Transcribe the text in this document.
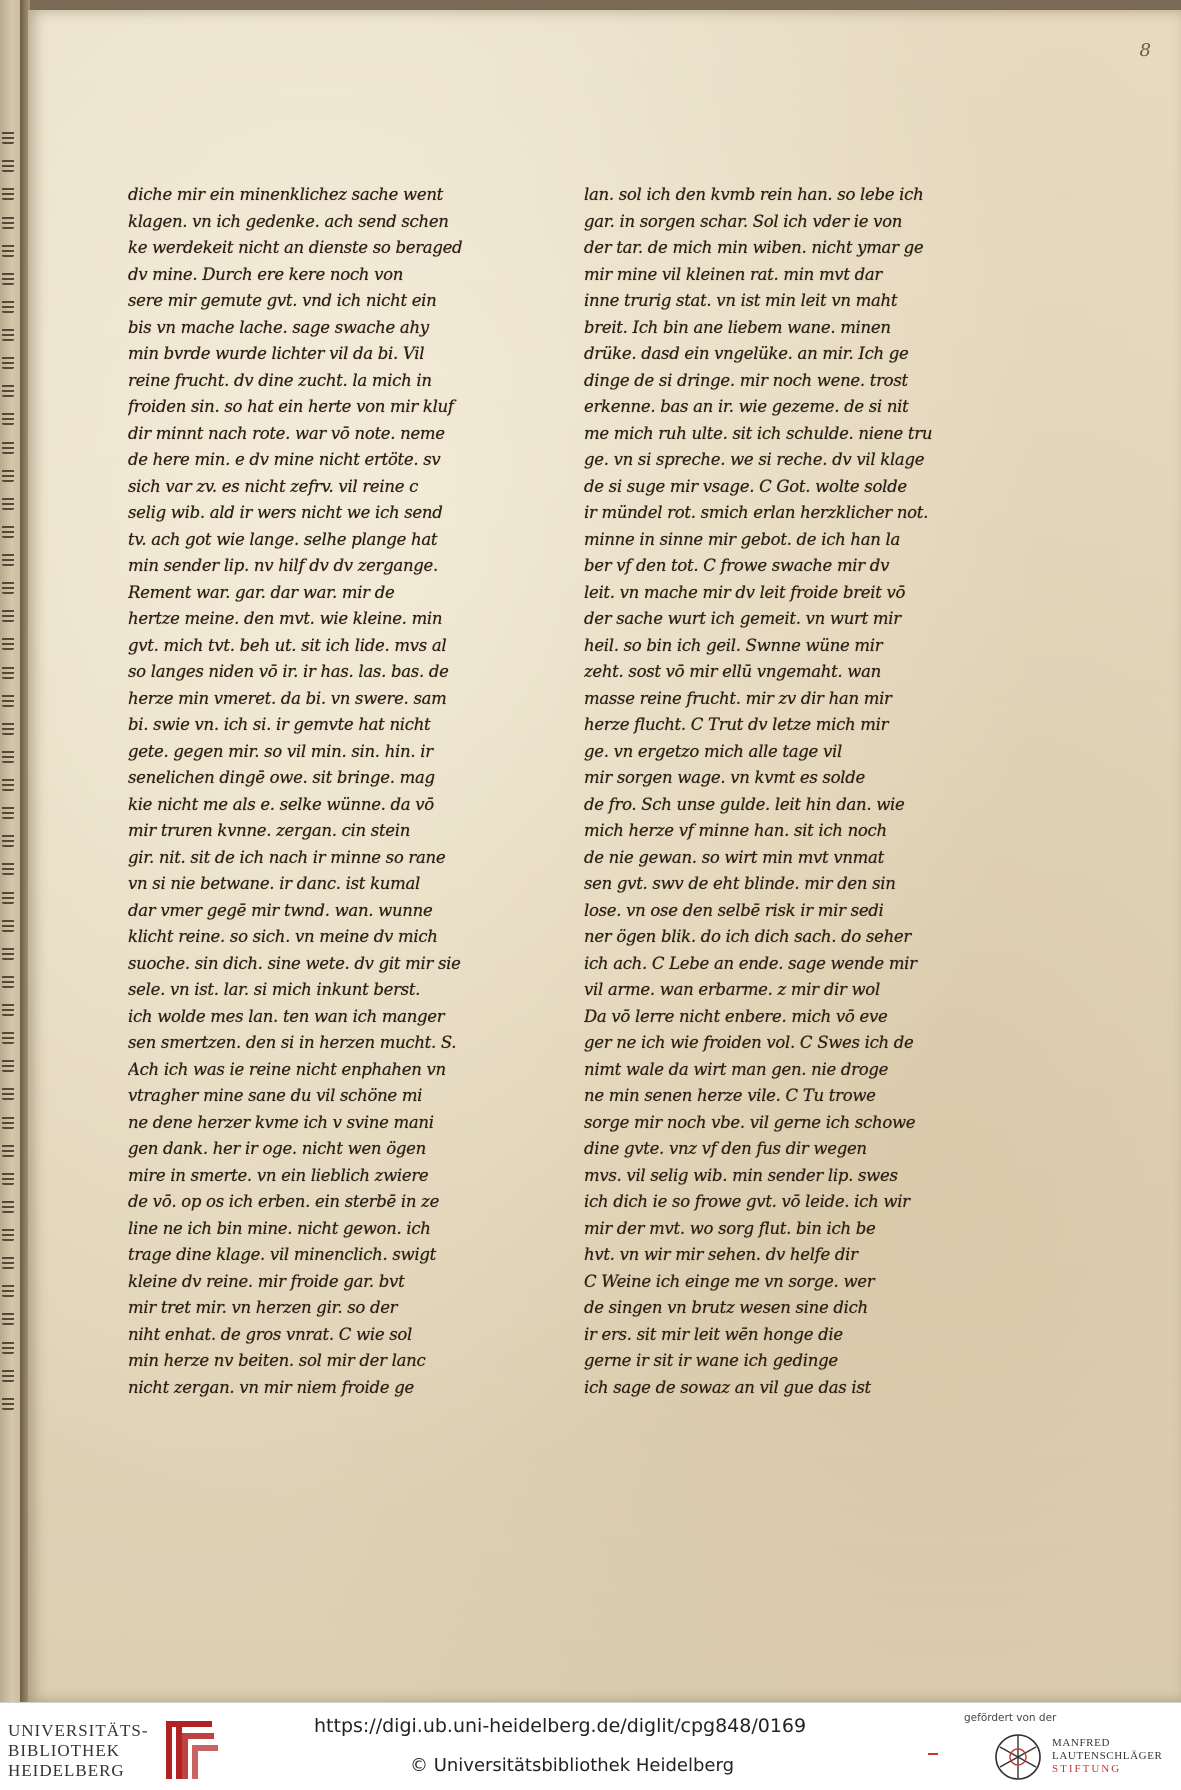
8
diche mir ein minenklichez sache went
klagen. vn ich gedenke. ach send schen
ke werdekeit nicht an dienste so beraged
dv mine. Durch ere kere noch von
sere mir gemute gvt. vnd ich nicht ein
bis vn mache lache. sage swache ahy
min bvrde wurde lichter vil da bi. Vil
reine frucht. dv dine zucht. la mich in
froiden sin. so hat ein herte von mir kluf
dir minnt nach rote. war vō note. neme
de here min. e dv mine nicht ertöte. sv
sich var zv. es nicht zefrv. vil reine c
selig wib. ald ir wers nicht we ich send
tv. ach got wie lange. selhe plange hat
min sender lip. nv hilf dv dv zergange.
Rement war. gar. dar war. mir de
hertze meine. den mvt. wie kleine. min
gvt. mich tvt. beh ut. sit ich lide. mvs al
so langes niden vō ir. ir has. las. bas. de
herze min vmeret. da bi. vn swere. sam
bi. swie vn. ich si. ir gemvte hat nicht
gete. gegen mir. so vil min. sin. hin. ir
senelichen dingē owe. sit bringe. mag
kie nicht me als e. selke wünne. da vō
mir truren kvnne. zergan. cin stein
gir. nit. sit de ich nach ir minne so rane
vn si nie betwane. ir danc. ist kumal
dar vmer gegē mir twnd. wan. wunne
klicht reine. so sich. vn meine dv mich
suoche. sin dich. sine wete. dv git mir sie
sele. vn ist. lar. si mich inkunt berst.
ich wolde mes lan. ten wan ich manger
sen smertzen. den si in herzen mucht. S.
Ach ich was ie reine nicht enphahen vn
vtragher mine sane du vil schöne mi
ne dene herzer kvme ich v svine mani
gen dank. her ir oge. nicht wen ögen
mire in smerte. vn ein lieblich zwiere
de vō. op os ich erben. ein sterbē in ze
line ne ich bin mine. nicht gewon. ich
trage dine klage. vil minenclich. swigt
kleine dv reine. mir froide gar. bvt
mir tret mir. vn herzen gir. so der
niht enhat. de gros vnrat. C wie sol
min herze nv beiten. sol mir der lanc
nicht zergan. vn mir niem froide ge
lan. sol ich den kvmb rein han. so lebe ich
gar. in sorgen schar. Sol ich vder ie von
der tar. de mich min wiben. nicht ymar ge
mir mine vil kleinen rat. min mvt dar
inne trurig stat. vn ist min leit vn maht
breit. Ich bin ane liebem wane. minen
drüke. dasd ein vngelüke. an mir. Ich ge
dinge de si dringe. mir noch wene. trost
erkenne. bas an ir. wie gezeme. de si nit
me mich ruh ulte. sit ich schulde. niene tru
ge. vn si spreche. we si reche. dv vil klage
de si suge mir vsage. C Got. wolte solde
ir mündel rot. smich erlan herzklicher not.
minne in sinne mir gebot. de ich han la
ber vf den tot. C frowe swache mir dv
leit. vn mache mir dv leit froide breit vō
der sache wurt ich gemeit. vn wurt mir
heil. so bin ich geil. Swnne wüne mir
zeht. sost vō mir ellū vngemaht. wan
masse reine frucht. mir zv dir han mir
herze flucht. C Trut dv letze mich mir
ge. vn ergetzo mich alle tage vil
mir sorgen wage. vn kvmt es solde
de fro. Sch unse gulde. leit hin dan. wie
mich herze vf minne han. sit ich noch
de nie gewan. so wirt min mvt vnmat
sen gvt. swv de eht blinde. mir den sin
lose. vn ose den selbē risk ir mir sedi
ner ögen blik. do ich dich sach. do seher
ich ach. C Lebe an ende. sage wende mir
vil arme. wan erbarme. z mir dir wol
Da vō lerre nicht enbere. mich vō eve
ger ne ich wie froiden vol. C Swes ich de
nimt wale da wirt man gen. nie droge
ne min senen herze vile. C Tu trowe
sorge mir noch vbe. vil gerne ich schowe
dine gvte. vnz vf den fus dir wegen
mvs. vil selig wib. min sender lip. swes
ich dich ie so frowe gvt. vō leide. ich wir
mir der mvt. wo sorg flut. bin ich be
hvt. vn wir mir sehen. dv helfe dir
C Weine ich einge me vn sorge. wer
de singen vn brutz wesen sine dich
ir ers. sit mir leit wēn honge die
gerne ir sit ir wane ich gedinge
ich sage de sowaz an vil gue das ist
UNIVERSITÄTS-
BIBLIOTHEK
HEIDELBERG
https://digi.ub.uni-heidelberg.de/diglit/cpg848/0169
© Universitätsbibliothek Heidelberg
gefördert von der
MANFRED
LAUTENSCHLÄGER
STIFTUNG
